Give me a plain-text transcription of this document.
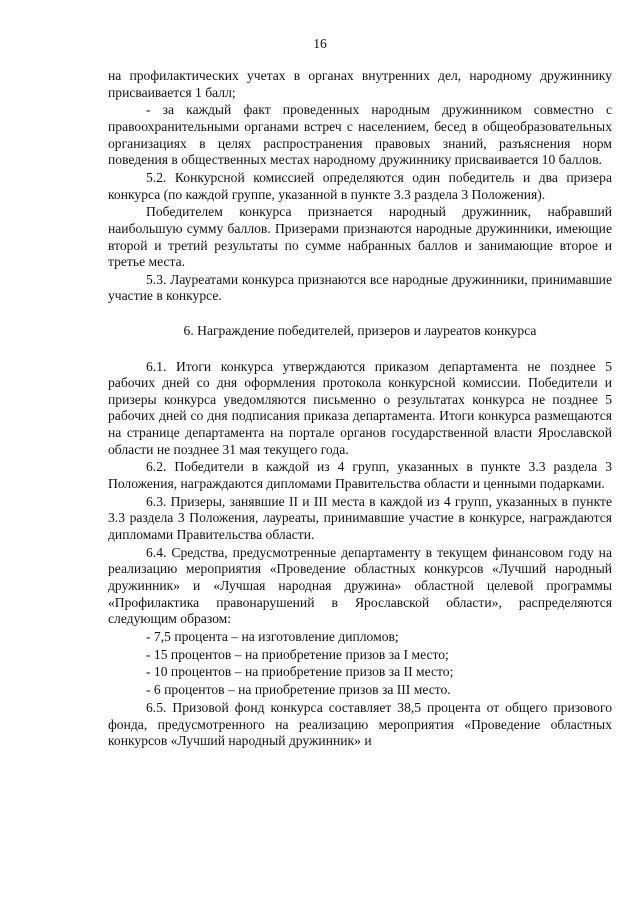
16

на профилактических учетах в органах внутренних дел, народному дружиннику присваивается 1 балл;

- за каждый факт проведенных народным дружинником совместно с правоохранительными органами встреч с населением, бесед в общеобразовательных организациях в целях распространения правовых знаний, разъяснения норм поведения в общественных местах народному дружиннику присваивается 10 баллов.

5.2. Конкурсной комиссией определяются один победитель и два призера конкурса (по каждой группе, указанной в пункте 3.3 раздела 3 Положения).

Победителем конкурса признается народный дружинник, набравший наибольшую сумму баллов. Призерами признаются народные дружинники, имеющие второй и третий результаты по сумме набранных баллов и занимающие второе и третье места.

5.3. Лауреатами конкурса признаются все народные дружинники, принимавшие участие в конкурсе.

6. Награждение победителей, призеров и лауреатов конкурса

6.1. Итоги конкурса утверждаются приказом департамента не позднее 5 рабочих дней со дня оформления протокола конкурсной комиссии. Победители и призеры конкурса уведомляются письменно о результатах конкурса не позднее 5 рабочих дней со дня подписания приказа департамента. Итоги конкурса размещаются на странице департамента на портале органов государственной власти Ярославской области не позднее 31 мая текущего года.

6.2. Победители в каждой из 4 групп, указанных в пункте 3.3 раздела 3 Положения, награждаются дипломами Правительства области и ценными подарками.

6.3. Призеры, занявшие II и III места в каждой из 4 групп, указанных в пункте 3.3 раздела 3 Положения, лауреаты, принимавшие участие в конкурсе, награждаются дипломами Правительства области.

6.4. Средства, предусмотренные департаменту в текущем финансовом году на реализацию мероприятия «Проведение областных конкурсов «Лучший народный дружинник» и «Лучшая народная дружина» областной целевой программы «Профилактика правонарушений в Ярославской области», распределяются следующим образом:

- 7,5 процента – на изготовление дипломов;

- 15 процентов – на приобретение призов за I место;

- 10 процентов – на приобретение призов за II место;

- 6 процентов – на приобретение призов за III место.

6.5. Призовой фонд конкурса составляет 38,5 процента от общего призового фонда, предусмотренного на реализацию мероприятия «Проведение областных конкурсов «Лучший народный дружинник» и
